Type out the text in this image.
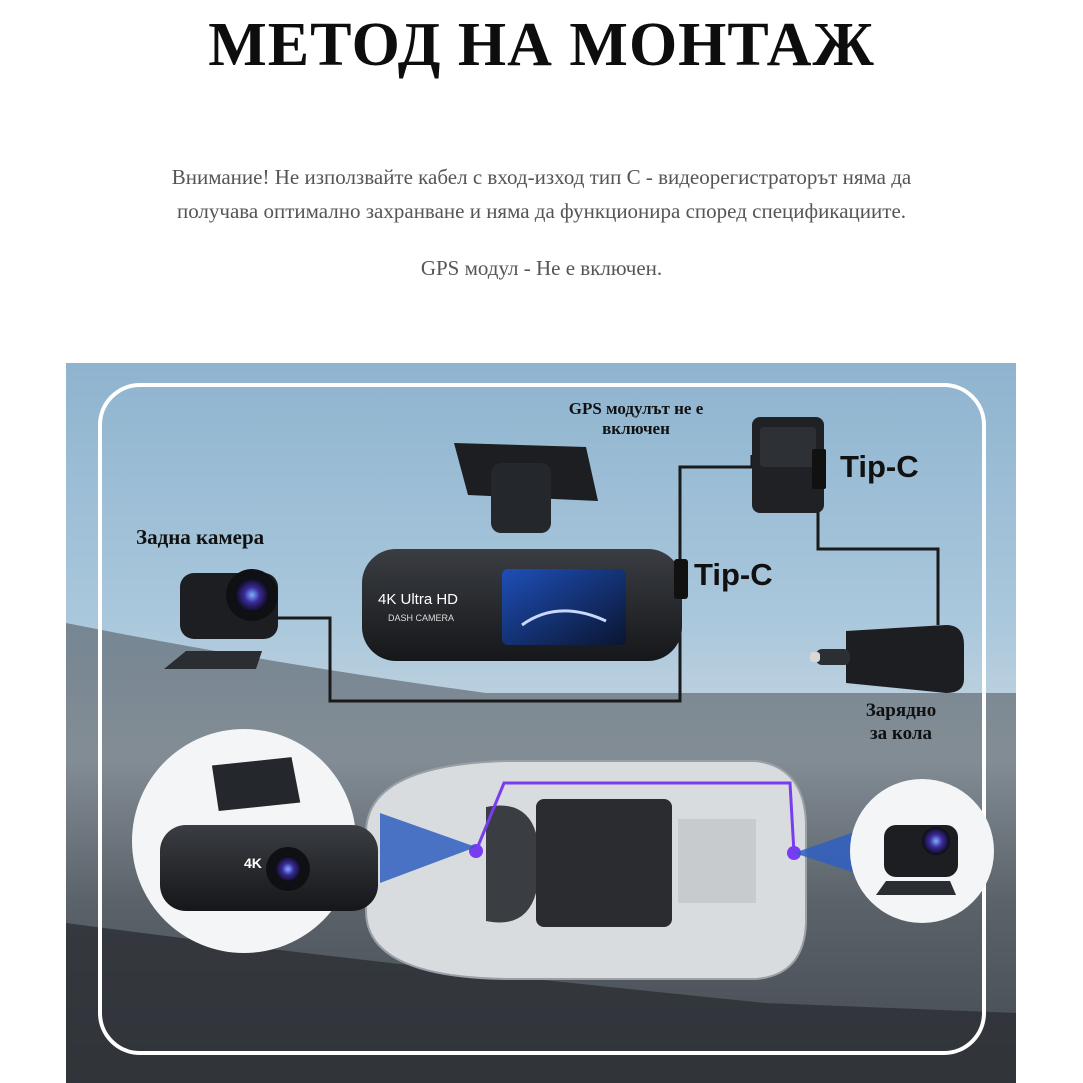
МЕТОД НА МОНТАЖ
Внимание! Не използвайте кабел с вход-изход тип C - видеорегистраторът няма да
получава оптимално захранване и няма да функционира според спецификациите.
GPS модул - Не е включен.
GPS модулът не е
включен
Tip-C
Tip-C
Задна камера
Зарядно
за кола
4K Ultra HD
DASH CAMERA
4K
